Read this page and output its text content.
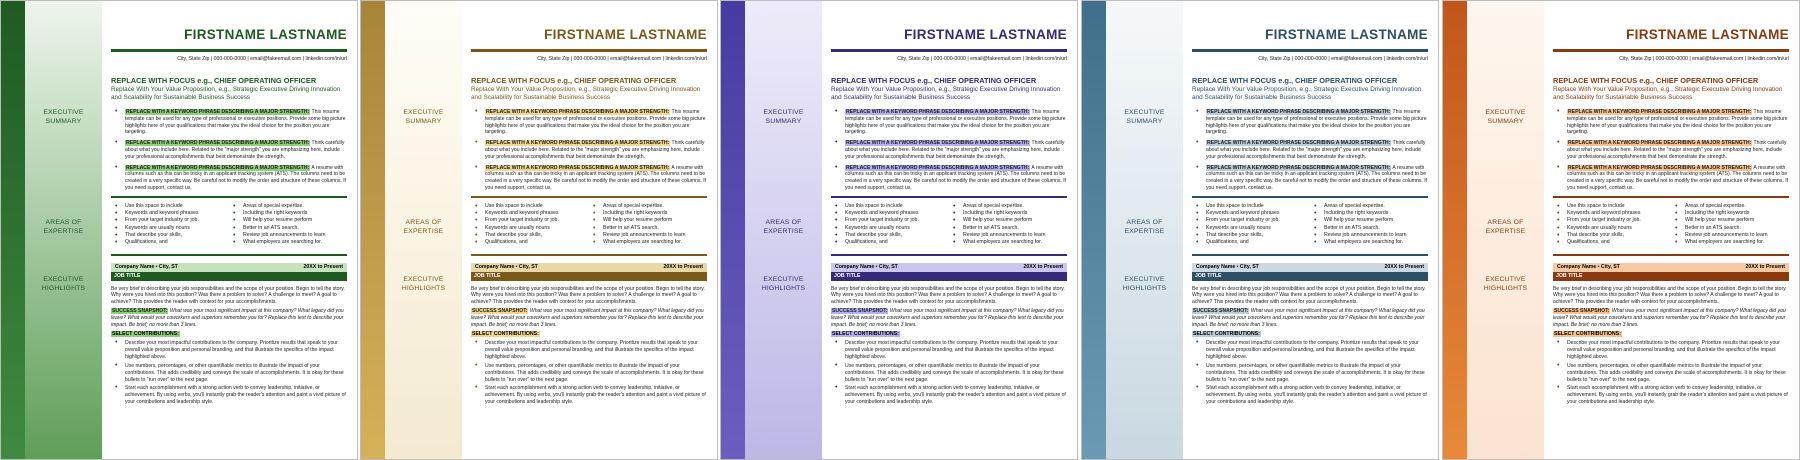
EXECUTIVE
SUMMARY
AREAS OF
EXPERTISE
EXECUTIVE
HIGHLIGHTS
FIRSTNAME LASTNAME
City, State Zip | 000-000-0000 | email@fakeemail.com | linkedin.com/in/url
REPLACE WITH FOCUS e.g., CHIEF OPERATING OFFICER
Replace With Your Value Proposition, e.g., Strategic Executive Driving Innovation and Scalability for Sustainable Business Success
• REPLACE WITH A KEYWORD PHRASE DESCRIBING A MAJOR STRENGTH: This resume template can be used for any type of professional or executive positions. Provide some big picture highlights here of your qualifications that make you the ideal choice for the position you are targeting.
• REPLACE WITH A KEYWORD PHRASE DESCRIBING A MAJOR STRENGTH: Think carefully about what you include here. Related to the "major strength" you are emphasizing here, include your professional accomplishments that best demonstrate the strength.
• REPLACE WITH A KEYWORD PHRASE DESCRIBING A MAJOR STRENGTH: A resume with columns such as this can be tricky in an applicant tracking system (ATS). The columns need to be created in a very specific way. Be careful not to modify the order and structure of these columns. If you need support, contact us.
• Use this space to include
• Keywords and keyword phrases
• From your target industry or job.
• Keywords are usually nouns
• That describe your skills,
• Qualifications, and
• Areas of special expertise.
• Including the right keywords
• Will help your resume perform
• Better in an ATS search.
• Review job announcements to learn
• What employers are searching for.
Company Name ▪ City, ST	20XX to Present
JOB TITLE
Be very brief in describing your job responsibilities and the scope of your position. Begin to tell the story. Why were you hired into this position? Was there a problem to solve? A challenge to meet? A goal to achieve? This provides the reader with context for your accomplishments.
SUCCESS SNAPSHOT: What was your most significant impact at this company? What legacy did you leave? What would your coworkers and superiors remember you for? Replace this text to describe your impact. Be brief; no more than 3 lines.
SELECT CONTRIBUTIONS:
• Describe your most impactful contributions to the company. Prioritize results that speak to your overall value proposition and personal branding, and that illustrate the specifics of the impact highlighted above.
• Use numbers, percentages, or other quantifiable metrics to illustrate the impact of your contributions. This adds credibility and conveys the scale of accomplishments. It is okay for these bullets to "run over" to the next page.
• Start each accomplishment with a strong action verb to convey leadership, initiative, or achievement. By using verbs, you'll instantly grab the reader's attention and paint a vivid picture of your contributions and leadership style.
EXECUTIVE
SUMMARY
AREAS OF
EXPERTISE
EXECUTIVE
HIGHLIGHTS
FIRSTNAME LASTNAME
City, State Zip | 000-000-0000 | email@fakeemail.com | linkedin.com/in/url
REPLACE WITH FOCUS e.g., CHIEF OPERATING OFFICER
Replace With Your Value Proposition, e.g., Strategic Executive Driving Innovation and Scalability for Sustainable Business Success
• REPLACE WITH A KEYWORD PHRASE DESCRIBING A MAJOR STRENGTH: This resume template can be used for any type of professional or executive positions. Provide some big picture highlights here of your qualifications that make you the ideal choice for the position you are targeting.
• REPLACE WITH A KEYWORD PHRASE DESCRIBING A MAJOR STRENGTH: Think carefully about what you include here. Related to the "major strength" you are emphasizing here, include your professional accomplishments that best demonstrate the strength.
• REPLACE WITH A KEYWORD PHRASE DESCRIBING A MAJOR STRENGTH: A resume with columns such as this can be tricky in an applicant tracking system (ATS). The columns need to be created in a very specific way. Be careful not to modify the order and structure of these columns. If you need support, contact us.
• Use this space to include
• Keywords and keyword phrases
• From your target industry or job.
• Keywords are usually nouns
• That describe your skills,
• Qualifications, and
• Areas of special expertise.
• Including the right keywords
• Will help your resume perform
• Better in an ATS search.
• Review job announcements to learn
• What employers are searching for.
Company Name ▪ City, ST	20XX to Present
JOB TITLE
Be very brief in describing your job responsibilities and the scope of your position. Begin to tell the story. Why were you hired into this position? Was there a problem to solve? A challenge to meet? A goal to achieve? This provides the reader with context for your accomplishments.
SUCCESS SNAPSHOT: What was your most significant impact at this company? What legacy did you leave? What would your coworkers and superiors remember you for? Replace this text to describe your impact. Be brief; no more than 3 lines.
SELECT CONTRIBUTIONS:
• Describe your most impactful contributions to the company. Prioritize results that speak to your overall value proposition and personal branding, and that illustrate the specifics of the impact highlighted above.
• Use numbers, percentages, or other quantifiable metrics to illustrate the impact of your contributions. This adds credibility and conveys the scale of accomplishments. It is okay for these bullets to "run over" to the next page.
• Start each accomplishment with a strong action verb to convey leadership, initiative, or achievement. By using verbs, you'll instantly grab the reader's attention and paint a vivid picture of your contributions and leadership style.
EXECUTIVE
SUMMARY
AREAS OF
EXPERTISE
EXECUTIVE
HIGHLIGHTS
FIRSTNAME LASTNAME
City, State Zip | 000-000-0000 | email@fakeemail.com | linkedin.com/in/url
REPLACE WITH FOCUS e.g., CHIEF OPERATING OFFICER
Replace With Your Value Proposition, e.g., Strategic Executive Driving Innovation and Scalability for Sustainable Business Success
• REPLACE WITH A KEYWORD PHRASE DESCRIBING A MAJOR STRENGTH: This resume template can be used for any type of professional or executive positions. Provide some big picture highlights here of your qualifications that make you the ideal choice for the position you are targeting.
• REPLACE WITH A KEYWORD PHRASE DESCRIBING A MAJOR STRENGTH: Think carefully about what you include here. Related to the "major strength" you are emphasizing here, include your professional accomplishments that best demonstrate the strength.
• REPLACE WITH A KEYWORD PHRASE DESCRIBING A MAJOR STRENGTH: A resume with columns such as this can be tricky in an applicant tracking system (ATS). The columns need to be created in a very specific way. Be careful not to modify the order and structure of these columns. If you need support, contact us.
• Use this space to include
• Keywords and keyword phrases
• From your target industry or job.
• Keywords are usually nouns
• That describe your skills,
• Qualifications, and
• Areas of special expertise.
• Including the right keywords
• Will help your resume perform
• Better in an ATS search.
• Review job announcements to learn
• What employers are searching for.
Company Name ▪ City, ST	20XX to Present
JOB TITLE
Be very brief in describing your job responsibilities and the scope of your position. Begin to tell the story. Why were you hired into this position? Was there a problem to solve? A challenge to meet? A goal to achieve? This provides the reader with context for your accomplishments.
SUCCESS SNAPSHOT: What was your most significant impact at this company? What legacy did you leave? What would your coworkers and superiors remember you for? Replace this text to describe your impact. Be brief; no more than 3 lines.
SELECT CONTRIBUTIONS:
• Describe your most impactful contributions to the company. Prioritize results that speak to your overall value proposition and personal branding, and that illustrate the specifics of the impact highlighted above.
• Use numbers, percentages, or other quantifiable metrics to illustrate the impact of your contributions. This adds credibility and conveys the scale of accomplishments. It is okay for these bullets to "run over" to the next page.
• Start each accomplishment with a strong action verb to convey leadership, initiative, or achievement. By using verbs, you'll instantly grab the reader's attention and paint a vivid picture of your contributions and leadership style.
EXECUTIVE
SUMMARY
AREAS OF
EXPERTISE
EXECUTIVE
HIGHLIGHTS
FIRSTNAME LASTNAME
City, State Zip | 000-000-0000 | email@fakeemail.com | linkedin.com/in/url
REPLACE WITH FOCUS e.g., CHIEF OPERATING OFFICER
Replace With Your Value Proposition, e.g., Strategic Executive Driving Innovation and Scalability for Sustainable Business Success
• REPLACE WITH A KEYWORD PHRASE DESCRIBING A MAJOR STRENGTH: This resume template can be used for any type of professional or executive positions. Provide some big picture highlights here of your qualifications that make you the ideal choice for the position you are targeting.
• REPLACE WITH A KEYWORD PHRASE DESCRIBING A MAJOR STRENGTH: Think carefully about what you include here. Related to the "major strength" you are emphasizing here, include your professional accomplishments that best demonstrate the strength.
• REPLACE WITH A KEYWORD PHRASE DESCRIBING A MAJOR STRENGTH: A resume with columns such as this can be tricky in an applicant tracking system (ATS). The columns need to be created in a very specific way. Be careful not to modify the order and structure of these columns. If you need support, contact us.
• Use this space to include
• Keywords and keyword phrases
• From your target industry or job.
• Keywords are usually nouns
• That describe your skills,
• Qualifications, and
• Areas of special expertise.
• Including the right keywords
• Will help your resume perform
• Better in an ATS search.
• Review job announcements to learn
• What employers are searching for.
Company Name ▪ City, ST	20XX to Present
JOB TITLE
Be very brief in describing your job responsibilities and the scope of your position. Begin to tell the story. Why were you hired into this position? Was there a problem to solve? A challenge to meet? A goal to achieve? This provides the reader with context for your accomplishments.
SUCCESS SNAPSHOT: What was your most significant impact at this company? What legacy did you leave? What would your coworkers and superiors remember you for? Replace this text to describe your impact. Be brief; no more than 3 lines.
SELECT CONTRIBUTIONS:
• Describe your most impactful contributions to the company. Prioritize results that speak to your overall value proposition and personal branding, and that illustrate the specifics of the impact highlighted above.
• Use numbers, percentages, or other quantifiable metrics to illustrate the impact of your contributions. This adds credibility and conveys the scale of accomplishments. It is okay for these bullets to "run over" to the next page.
• Start each accomplishment with a strong action verb to convey leadership, initiative, or achievement. By using verbs, you'll instantly grab the reader's attention and paint a vivid picture of your contributions and leadership style.
EXECUTIVE
SUMMARY
AREAS OF
EXPERTISE
EXECUTIVE
HIGHLIGHTS
FIRSTNAME LASTNAME
City, State Zip | 000-000-0000 | email@fakeemail.com | linkedin.com/in/url
REPLACE WITH FOCUS e.g., CHIEF OPERATING OFFICER
Replace With Your Value Proposition, e.g., Strategic Executive Driving Innovation and Scalability for Sustainable Business Success
• REPLACE WITH A KEYWORD PHRASE DESCRIBING A MAJOR STRENGTH: This resume template can be used for any type of professional or executive positions. Provide some big picture highlights here of your qualifications that make you the ideal choice for the position you are targeting.
• REPLACE WITH A KEYWORD PHRASE DESCRIBING A MAJOR STRENGTH: Think carefully about what you include here. Related to the "major strength" you are emphasizing here, include your professional accomplishments that best demonstrate the strength.
• REPLACE WITH A KEYWORD PHRASE DESCRIBING A MAJOR STRENGTH: A resume with columns such as this can be tricky in an applicant tracking system (ATS). The columns need to be created in a very specific way. Be careful not to modify the order and structure of these columns. If you need support, contact us.
• Use this space to include
• Keywords and keyword phrases
• From your target industry or job.
• Keywords are usually nouns
• That describe your skills,
• Qualifications, and
• Areas of special expertise.
• Including the right keywords
• Will help your resume perform
• Better in an ATS search.
• Review job announcements to learn
• What employers are searching for.
Company Name ▪ City, ST	20XX to Present
JOB TITLE
Be very brief in describing your job responsibilities and the scope of your position. Begin to tell the story. Why were you hired into this position? Was there a problem to solve? A challenge to meet? A goal to achieve? This provides the reader with context for your accomplishments.
SUCCESS SNAPSHOT: What was your most significant impact at this company? What legacy did you leave? What would your coworkers and superiors remember you for? Replace this text to describe your impact. Be brief; no more than 3 lines.
SELECT CONTRIBUTIONS:
• Describe your most impactful contributions to the company. Prioritize results that speak to your overall value proposition and personal branding, and that illustrate the specifics of the impact highlighted above.
• Use numbers, percentages, or other quantifiable metrics to illustrate the impact of your contributions. This adds credibility and conveys the scale of accomplishments. It is okay for these bullets to "run over" to the next page.
• Start each accomplishment with a strong action verb to convey leadership, initiative, or achievement. By using verbs, you'll instantly grab the reader's attention and paint a vivid picture of your contributions and leadership style.
